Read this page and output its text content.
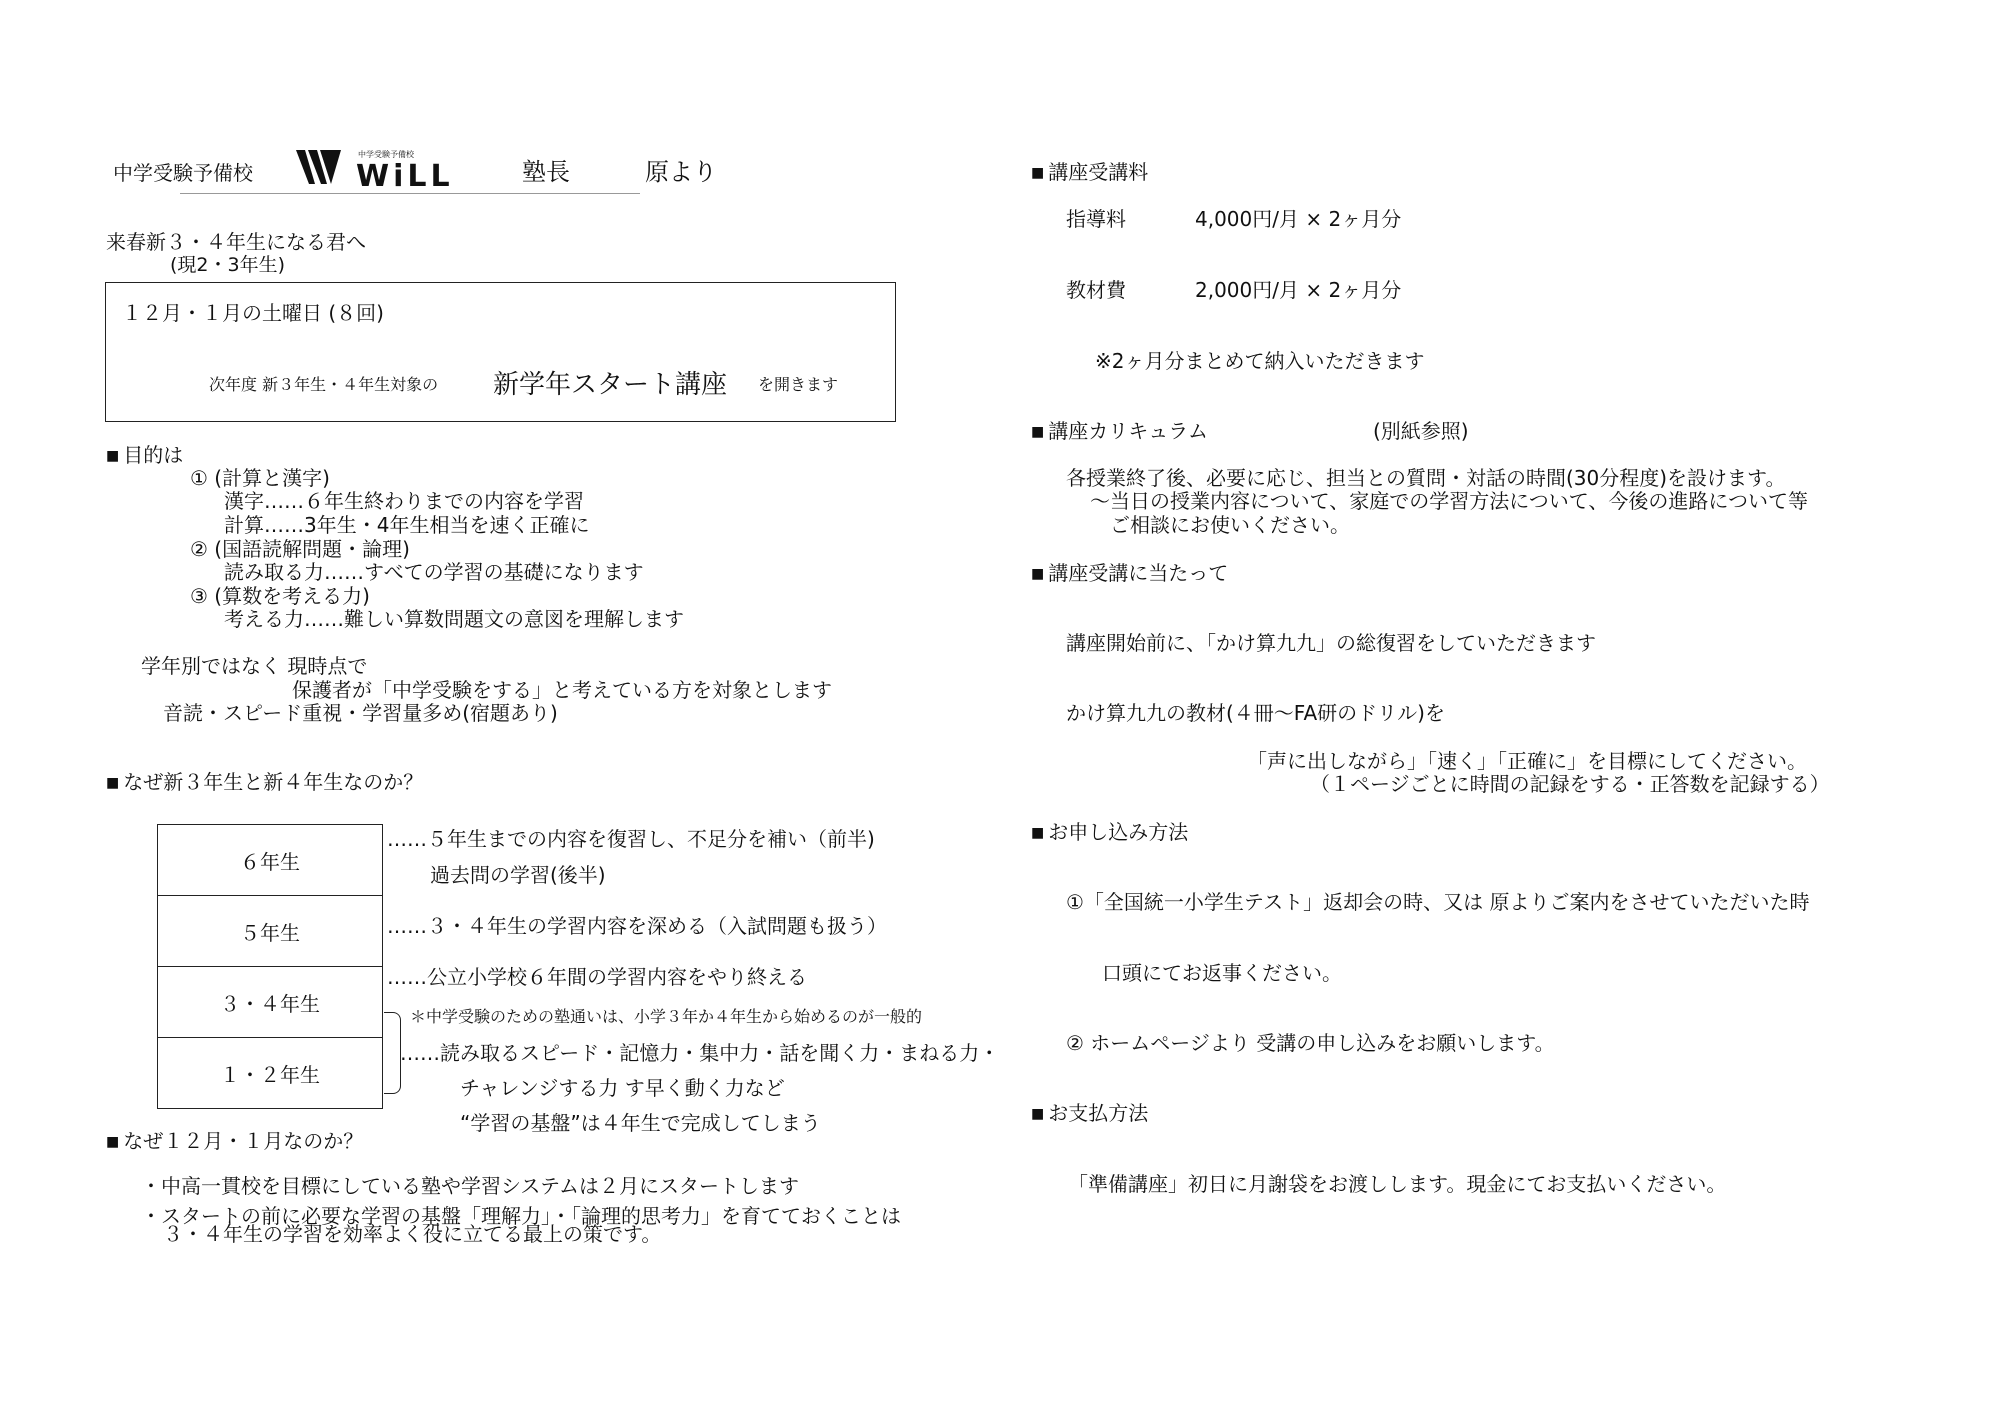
中学受験予備校
中学受験予備校
WiLL	塾長	原より
来春新３・４年生になる君へ
(現2・3年生)
１２月・１月の土曜日 (８回)
次年度 新３年生・４年生対象の 新学年スタート講座 を開きます
■ 目的は
① (計算と漢字)
漢字……６年生終わりまでの内容を学習
計算……3年生・4年生相当を速く正確に
② (国語読解問題・論理)
読み取る力……すべての学習の基礎になります
③ (算数を考える力)
考える力……難しい算数問題文の意図を理解します
学年別ではなく 現時点で
保護者が「中学受験をする」と考えている方を対象とします
音読・スピード重視・学習量多め(宿題あり)
■ なぜ新３年生と新４年生なのか？
６年生
５年生
３・４年生
１・２年生
……５年生までの内容を復習し、不足分を補い（前半)
過去問の学習(後半)
……３・４年生の学習内容を深める（入試問題も扱う）
……公立小学校６年間の学習内容をやり終える
＊中学受験のための塾通いは、小学３年か４年生から始めるのが一般的
……読み取るスピード・記憶力・集中力・話を聞く力・まねる力・
チャレンジする力 す早く動く力など
“学習の基盤”は４年生で完成してしまう
■ なぜ１２月・１月なのか？
・中高一貫校を目標にしている塾や学習システムは２月にスタートします
・スタートの前に必要な学習の基盤「理解力」・「論理的思考力」を育てておくことは
３・４年生の学習を効率よく役に立てる最上の策です。
■ 講座受講料
指導料	4,000円/月 × 2ヶ月分
教材費	2,000円/月 × 2ヶ月分
※2ヶ月分まとめて納入いただきます
■ 講座カリキュラム	(別紙参照)
各授業終了後、必要に応じ、担当との質問・対話の時間(30分程度)を設けます。
〜当日の授業内容について、家庭での学習方法について、今後の進路について等
ご相談にお使いください。
■ 講座受講に当たって
講座開始前に、「かけ算九九」の総復習をしていただきます
かけ算九九の教材(４冊〜FA研のドリル)を
「声に出しながら」「速く」「正確に」を目標にしてください。
（１ページごとに時間の記録をする・正答数を記録する）
■ お申し込み方法
①「全国統一小学生テスト」返却会の時、又は 原よりご案内をさせていただいた時
口頭にてお返事ください。
② ホームページより 受講の申し込みをお願いします。
■ お支払方法
「準備講座」初日に月謝袋をお渡しします。現金にてお支払いください。
